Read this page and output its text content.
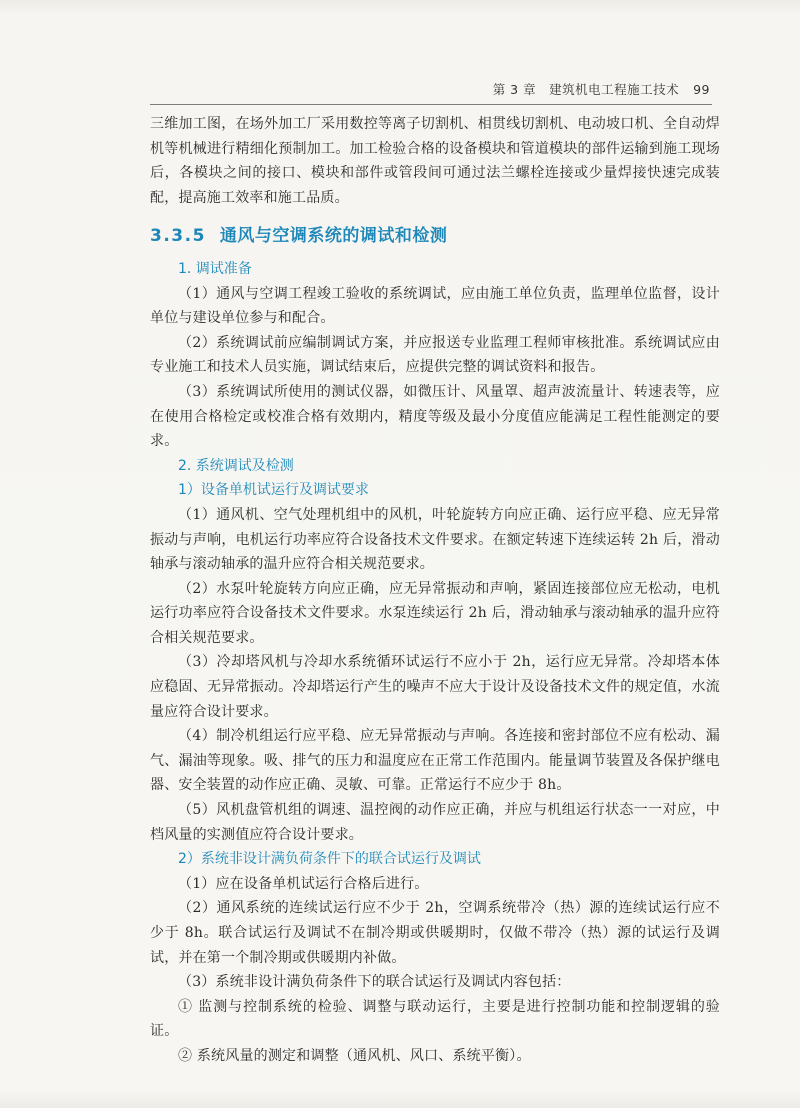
第 3 章　建筑机电工程施工技术 99

三维加工图，在场外加工厂采用数控等离子切割机、相贯线切割机、电动坡口机、全自动焊机等机械进行精细化预制加工。加工检验合格的设备模块和管道模块的部件运输到施工现场后，各模块之间的接口、模块和部件或管段间可通过法兰螺栓连接或少量焊接快速完成装配，提高施工效率和施工品质。

3.3.5 通风与空调系统的调试和检测

1. 调试准备

（1）通风与空调工程竣工验收的系统调试，应由施工单位负责，监理单位监督，设计单位与建设单位参与和配合。

（2）系统调试前应编制调试方案，并应报送专业监理工程师审核批准。系统调试应由专业施工和技术人员实施，调试结束后，应提供完整的调试资料和报告。

（3）系统调试所使用的测试仪器，如微压计、风量罩、超声波流量计、转速表等，应在使用合格检定或校准合格有效期内，精度等级及最小分度值应能满足工程性能测定的要求。

2. 系统调试及检测

1）设备单机试运行及调试要求

（1）通风机、空气处理机组中的风机，叶轮旋转方向应正确、运行应平稳、应无异常振动与声响，电机运行功率应符合设备技术文件要求。在额定转速下连续运转 2h 后，滑动轴承与滚动轴承的温升应符合相关规范要求。

（2）水泵叶轮旋转方向应正确，应无异常振动和声响，紧固连接部位应无松动，电机运行功率应符合设备技术文件要求。水泵连续运行 2h 后，滑动轴承与滚动轴承的温升应符合相关规范要求。

（3）冷却塔风机与冷却水系统循环试运行不应小于 2h，运行应无异常。冷却塔本体应稳固、无异常振动。冷却塔运行产生的噪声不应大于设计及设备技术文件的规定值，水流量应符合设计要求。

（4）制冷机组运行应平稳、应无异常振动与声响。各连接和密封部位不应有松动、漏气、漏油等现象。吸、排气的压力和温度应在正常工作范围内。能量调节装置及各保护继电器、安全装置的动作应正确、灵敏、可靠。正常运行不应少于 8h。

（5）风机盘管机组的调速、温控阀的动作应正确，并应与机组运行状态一一对应，中档风量的实测值应符合设计要求。

2）系统非设计满负荷条件下的联合试运行及调试

（1）应在设备单机试运行合格后进行。

（2）通风系统的连续试运行应不少于 2h，空调系统带冷（热）源的连续试运行应不少于 8h。联合试运行及调试不在制冷期或供暖期时，仅做不带冷（热）源的试运行及调试，并在第一个制冷期或供暖期内补做。

（3）系统非设计满负荷条件下的联合试运行及调试内容包括：

① 监测与控制系统的检验、调整与联动运行，主要是进行控制功能和控制逻辑的验证。

② 系统风量的测定和调整（通风机、风口、系统平衡）。
